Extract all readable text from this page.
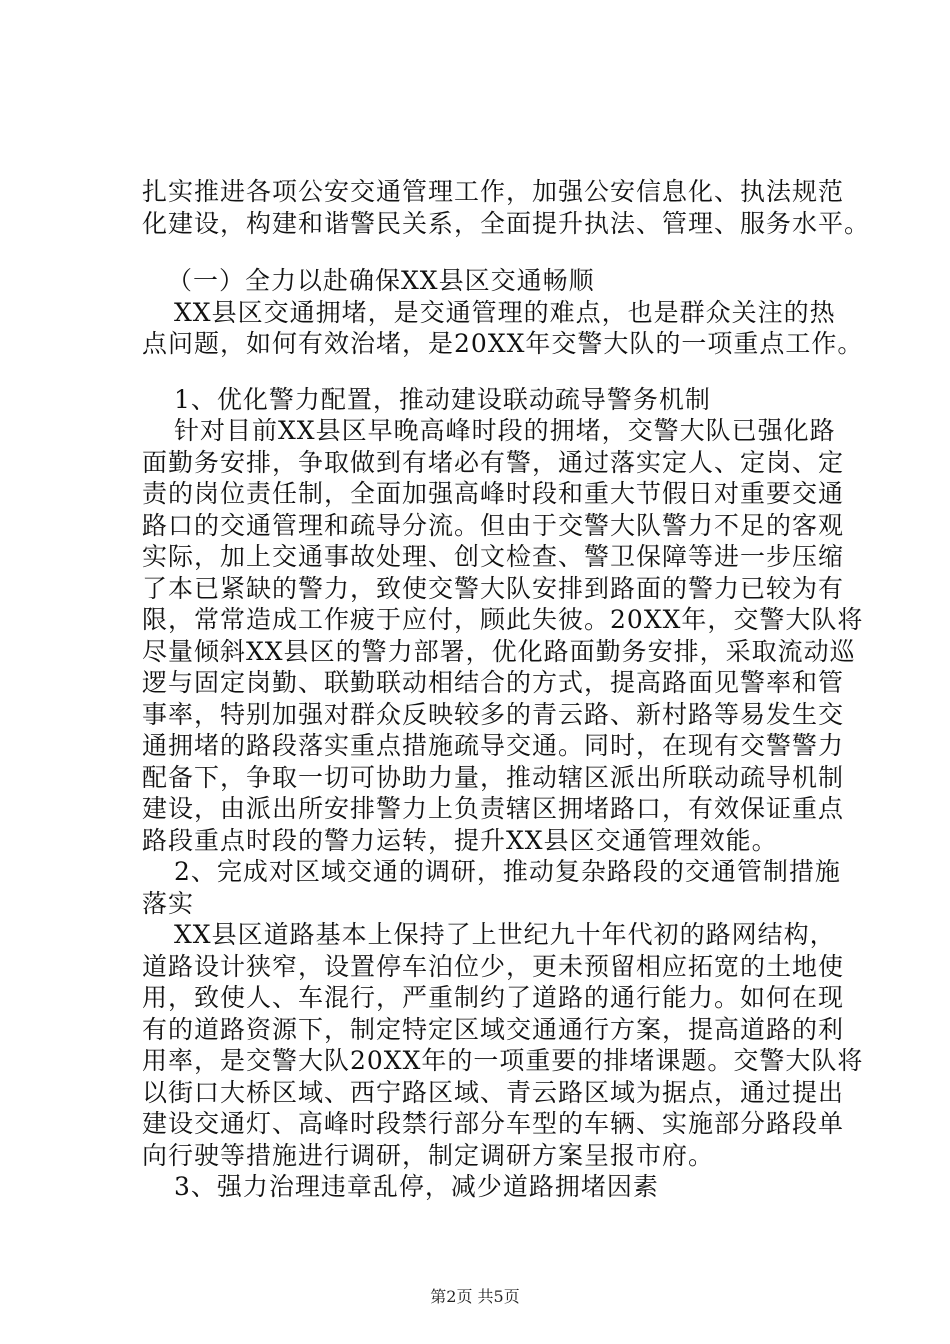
扎实推进各项公安交通管理工作，加强公安信息化、执法规范
化建设，构建和谐警民关系，全面提升执法、管理、服务水平。
（一）全力以赴确保XX县区交通畅顺
XX县区交通拥堵，是交通管理的难点，也是群众关注的热
点问题，如何有效治堵，是20XX年交警大队的一项重点工作。
1、优化警力配置，推动建设联动疏导警务机制
针对目前XX县区早晚高峰时段的拥堵，交警大队已强化路
面勤务安排，争取做到有堵必有警，通过落实定人、定岗、定
责的岗位责任制，全面加强高峰时段和重大节假日对重要交通
路口的交通管理和疏导分流。但由于交警大队警力不足的客观
实际，加上交通事故处理、创文检查、警卫保障等进一步压缩
了本已紧缺的警力，致使交警大队安排到路面的警力已较为有
限，常常造成工作疲于应付，顾此失彼。20XX年，交警大队将
尽量倾斜XX县区的警力部署，优化路面勤务安排，采取流动巡
逻与固定岗勤、联勤联动相结合的方式，提高路面见警率和管
事率，特别加强对群众反映较多的青云路、新村路等易发生交
通拥堵的路段落实重点措施疏导交通。同时，在现有交警警力
配备下，争取一切可协助力量，推动辖区派出所联动疏导机制
建设，由派出所安排警力上负责辖区拥堵路口，有效保证重点
路段重点时段的警力运转，提升XX县区交通管理效能。
2、完成对区域交通的调研，推动复杂路段的交通管制措施
落实
XX县区道路基本上保持了上世纪九十年代初的路网结构，
道路设计狭窄，设置停车泊位少，更未预留相应拓宽的土地使
用，致使人、车混行，严重制约了道路的通行能力。如何在现
有的道路资源下，制定特定区域交通通行方案，提高道路的利
用率，是交警大队20XX年的一项重要的排堵课题。交警大队将
以街口大桥区域、西宁路区域、青云路区域为据点，通过提出
建设交通灯、高峰时段禁行部分车型的车辆、实施部分路段单
向行驶等措施进行调研，制定调研方案呈报市府。
3、强力治理违章乱停，减少道路拥堵因素
第2页 共5页
